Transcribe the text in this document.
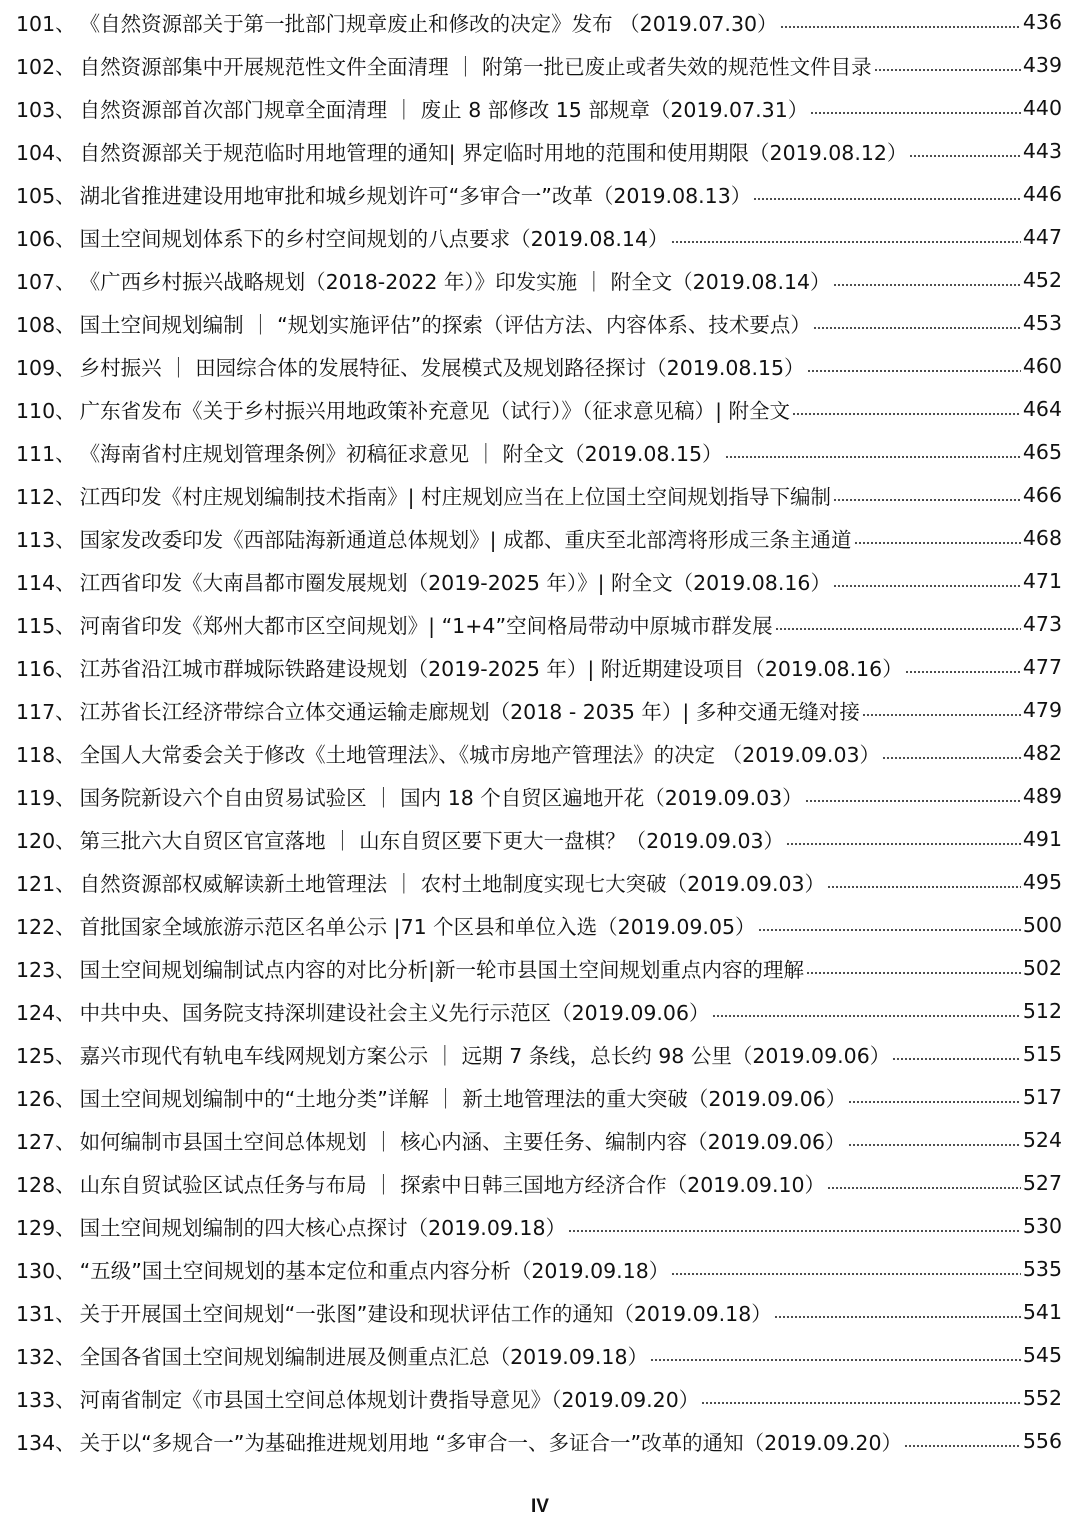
101、 《自然资源部关于第一批部门规章废止和修改的决定》发布 （2019.07.30）	436
102、 自然资源部集中开展规范性文件全面清理 ｜ 附第一批已废止或者失效的规范性文件目录	439
103、 自然资源部首次部门规章全面清理 ｜ 废止 8 部修改 15 部规章（2019.07.31）	440
104、 自然资源部关于规范临时用地管理的通知| 界定临时用地的范围和使用期限（2019.08.12）	443
105、 湖北省推进建设用地审批和城乡规划许可“多审合一”改革（2019.08.13）	446
106、 国土空间规划体系下的乡村空间规划的八点要求（2019.08.14）	447
107、 《广西乡村振兴战略规划（2018-2022 年）》印发实施 ｜ 附全文（2019.08.14）	452
108、 国土空间规划编制 ｜ “规划实施评估”的探索（评估方法、内容体系、技术要点）	453
109、 乡村振兴 ｜ 田园综合体的发展特征、发展模式及规划路径探讨（2019.08.15）	460
110、 广东省发布《关于乡村振兴用地政策补充意见（试行）》（征求意见稿）| 附全文	464
111、 《海南省村庄规划管理条例》初稿征求意见 ｜ 附全文（2019.08.15）	465
112、 江西印发《村庄规划编制技术指南》| 村庄规划应当在上位国土空间规划指导下编制	466
113、 国家发改委印发《西部陆海新通道总体规划》| 成都、重庆至北部湾将形成三条主通道	468
114、 江西省印发《大南昌都市圈发展规划（2019-2025 年）》| 附全文（2019.08.16）	471
115、 河南省印发《郑州大都市区空间规划》| “1+4”空间格局带动中原城市群发展	473
116、 江苏省沿江城市群城际铁路建设规划（2019-2025 年）| 附近期建设项目（2019.08.16）	477
117、 江苏省长江经济带综合立体交通运输走廊规划（2018 - 2035 年）| 多种交通无缝对接	479
118、 全国人大常委会关于修改《土地管理法》、《城市房地产管理法》的决定 （2019.09.03）	482
119、 国务院新设六个自由贸易试验区 ｜ 国内 18 个自贸区遍地开花（2019.09.03）	489
120、 第三批六大自贸区官宣落地 ｜ 山东自贸区要下更大一盘棋？（2019.09.03）	491
121、 自然资源部权威解读新土地管理法 ｜ 农村土地制度实现七大突破（2019.09.03）	495
122、 首批国家全域旅游示范区名单公示 |71 个区县和单位入选（2019.09.05）	500
123、 国土空间规划编制试点内容的对比分析|新一轮市县国土空间规划重点内容的理解	502
124、 中共中央、国务院支持深圳建设社会主义先行示范区（2019.09.06）	512
125、 嘉兴市现代有轨电车线网规划方案公示 ｜ 远期 7 条线，总长约 98 公里（2019.09.06）	515
126、 国土空间规划编制中的“土地分类”详解 ｜ 新土地管理法的重大突破（2019.09.06）	517
127、 如何编制市县国土空间总体规划 ｜ 核心内涵、主要任务、编制内容（2019.09.06）	524
128、 山东自贸试验区试点任务与布局 ｜ 探索中日韩三国地方经济合作（2019.09.10）	527
129、 国土空间规划编制的四大核心点探讨（2019.09.18）	530
130、 “五级”国土空间规划的基本定位和重点内容分析（2019.09.18）	535
131、 关于开展国土空间规划“一张图”建设和现状评估工作的通知（2019.09.18）	541
132、 全国各省国土空间规划编制进展及侧重点汇总（2019.09.18）	545
133、 河南省制定《市县国土空间总体规划计费指导意见》（2019.09.20）	552
134、 关于以“多规合一”为基础推进规划用地 “多审合一、多证合一”改革的通知（2019.09.20）	556
IV
